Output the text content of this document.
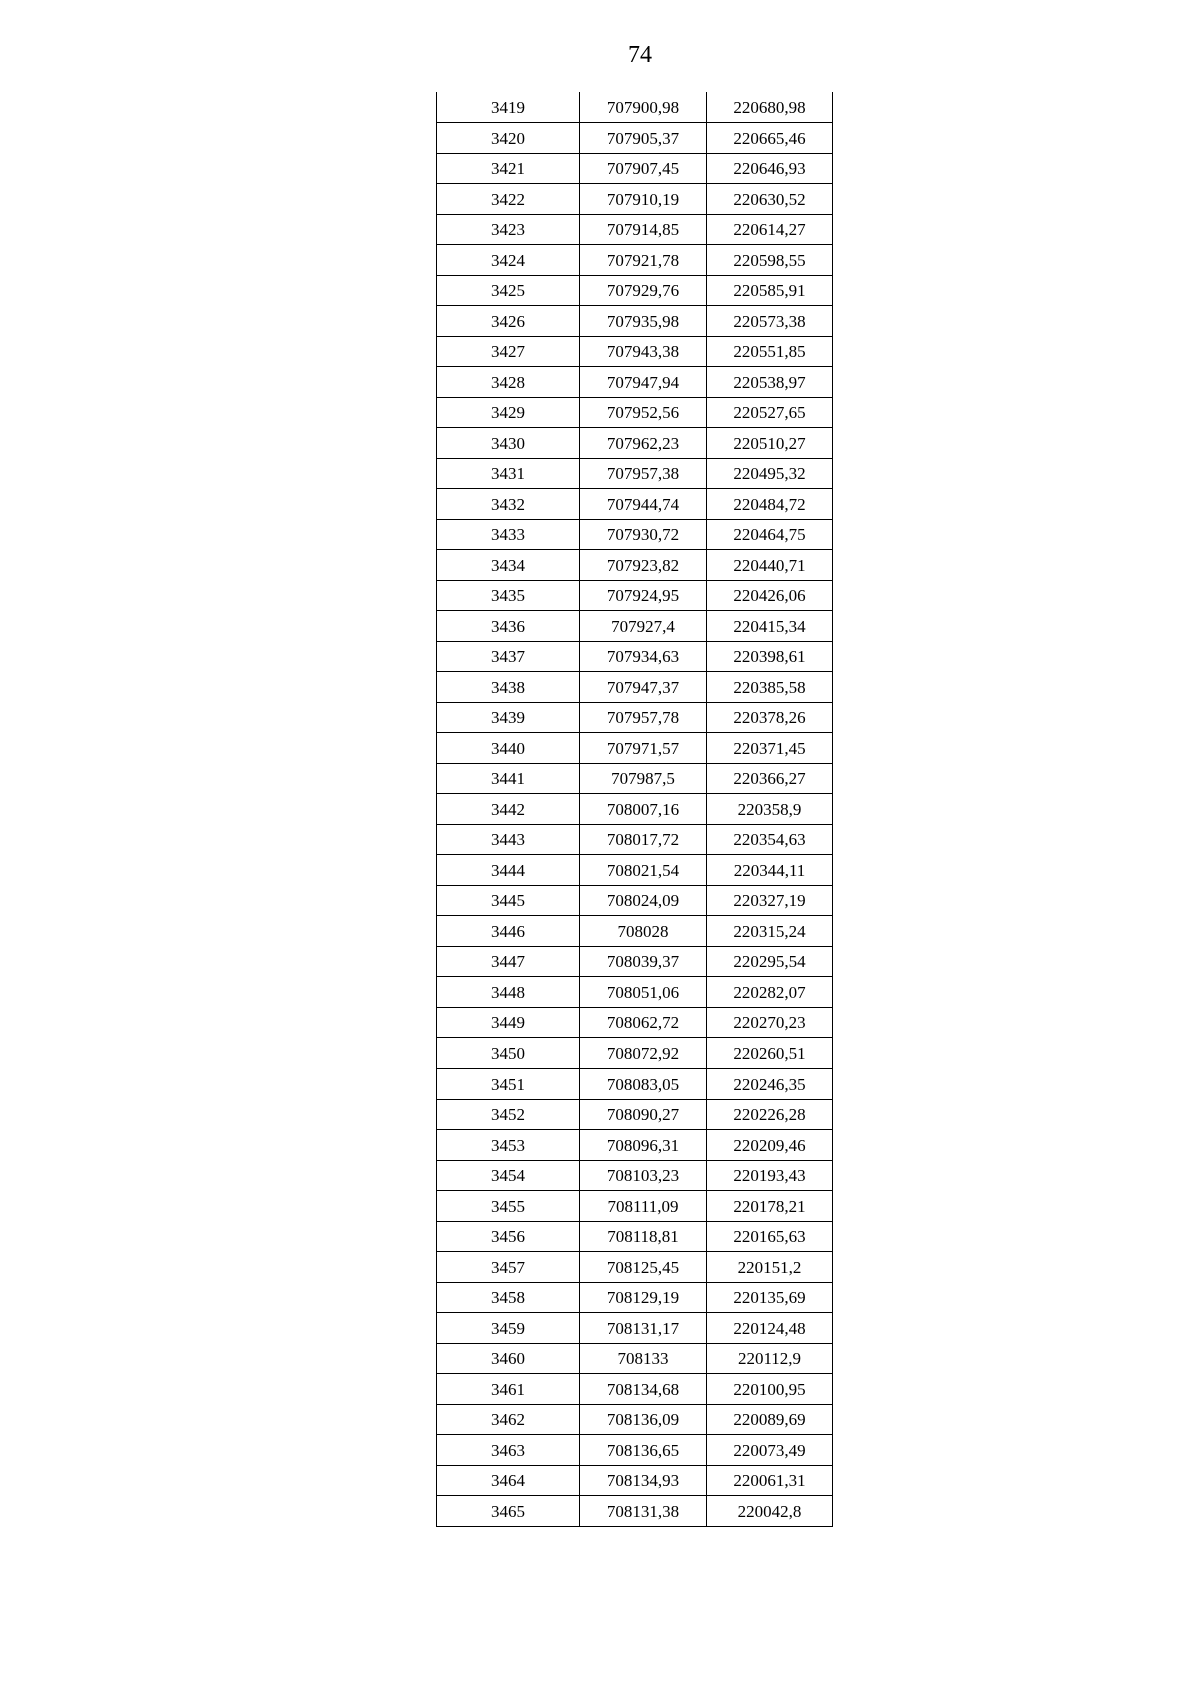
74
3419	707900,98	220680,98
3420	707905,37	220665,46
3421	707907,45	220646,93
3422	707910,19	220630,52
3423	707914,85	220614,27
3424	707921,78	220598,55
3425	707929,76	220585,91
3426	707935,98	220573,38
3427	707943,38	220551,85
3428	707947,94	220538,97
3429	707952,56	220527,65
3430	707962,23	220510,27
3431	707957,38	220495,32
3432	707944,74	220484,72
3433	707930,72	220464,75
3434	707923,82	220440,71
3435	707924,95	220426,06
3436	707927,4	220415,34
3437	707934,63	220398,61
3438	707947,37	220385,58
3439	707957,78	220378,26
3440	707971,57	220371,45
3441	707987,5	220366,27
3442	708007,16	220358,9
3443	708017,72	220354,63
3444	708021,54	220344,11
3445	708024,09	220327,19
3446	708028	220315,24
3447	708039,37	220295,54
3448	708051,06	220282,07
3449	708062,72	220270,23
3450	708072,92	220260,51
3451	708083,05	220246,35
3452	708090,27	220226,28
3453	708096,31	220209,46
3454	708103,23	220193,43
3455	708111,09	220178,21
3456	708118,81	220165,63
3457	708125,45	220151,2
3458	708129,19	220135,69
3459	708131,17	220124,48
3460	708133	220112,9
3461	708134,68	220100,95
3462	708136,09	220089,69
3463	708136,65	220073,49
3464	708134,93	220061,31
3465	708131,38	220042,8
